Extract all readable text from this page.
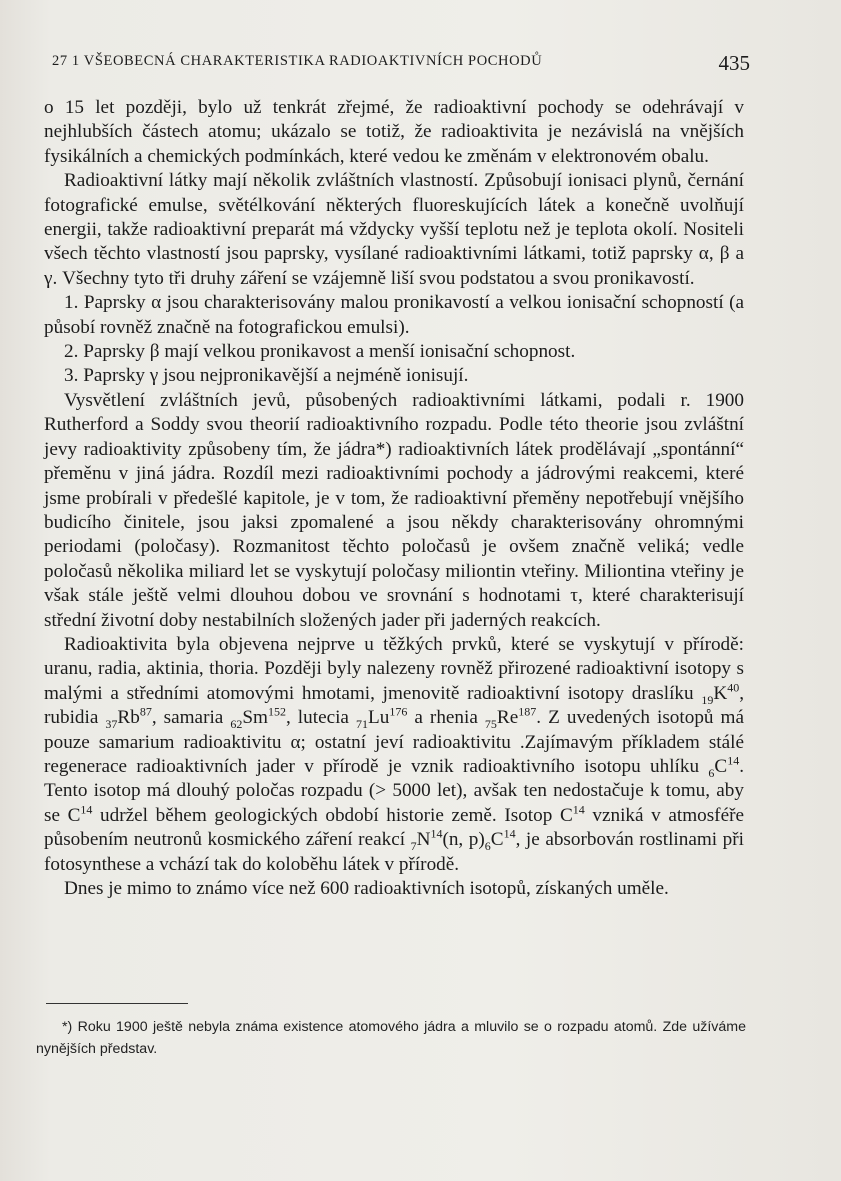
27 1 VŠEOBECNÁ CHARAKTERISTIKA RADIOAKTIVNÍCH POCHODŮ	435

o 15 let později, bylo už tenkrát zřejmé, že radioaktivní pochody se odehrávají v nejhlubších částech atomu; ukázalo se totiž, že radioaktivita je nezávislá na vnějších fysikálních a chemických podmínkách, které vedou ke změnám v elektronovém obalu.

Radioaktivní látky mají několik zvláštních vlastností. Způsobují ionisaci plynů, černání fotografické emulse, světélkování některých fluoreskujících látek a konečně uvolňují energii, takže radioaktivní preparát má vždycky vyšší teplotu než je teplota okolí. Nositeli všech těchto vlastností jsou paprsky, vysílané radioaktivními látkami, totiž paprsky α, β a γ. Všechny tyto tři druhy záření se vzájemně liší svou podstatou a svou pronikavostí.

1. Paprsky α jsou charakterisovány malou pronikavostí a velkou ionisační schopností (a působí rovněž značně na fotografickou emulsi).

2. Paprsky β mají velkou pronikavost a menší ionisační schopnost.

3. Paprsky γ jsou nejpronikavější a nejméně ionisují.

Vysvětlení zvláštních jevů, působených radioaktivními látkami, podali r. 1900 Rutherford a Soddy svou theorií radioaktivního rozpadu. Podle této theorie jsou zvláštní jevy radioaktivity způsobeny tím, že jádra*) radioaktivních látek prodělávají „spontánní“ přeměnu v jiná jádra. Rozdíl mezi radioaktivními pochody a jádrovými reakcemi, které jsme probírali v předešlé kapitole, je v tom, že radioaktivní přeměny nepotřebují vnějšího budicího činitele, jsou jaksi zpomalené a jsou někdy charakterisovány ohromnými periodami (poločasy). Rozmanitost těchto poločasů je ovšem značně veliká; vedle poločasů několika miliard let se vyskytují poločasy miliontin vteřiny. Miliontina vteřiny je však stále ještě velmi dlouhou dobou ve srovnání s hodnotami τ, které charakterisují střední životní doby nestabilních složených jader při jaderných reakcích.

Radioaktivita byla objevena nejprve u těžkých prvků, které se vyskytují v přírodě: uranu, radia, aktinia, thoria. Později byly nalezeny rovněž přirozené radioaktivní isotopy s malými a středními atomovými hmotami, jmenovitě radioaktivní isotopy draslíku $_{19}K^{40}$, rubidia $_{37}Rb^{87}$, samaria $_{62}Sm^{152}$, lutecia $_{71}Lu^{176}$ a rhenia $_{75}Re^{187}$. Z uvedených isotopů má pouze samarium radioaktivitu α; ostatní jeví radioaktivitu .Zajímavým příkladem stálé regenerace radioaktivních jader v přírodě je vznik radioaktivního isotopu uhlíku $_6C^{14}$. Tento isotop má dlouhý poločas rozpadu (> 5000 let), avšak ten nedostačuje k tomu, aby se $C^{14}$ udržel během geologických období historie země. Isotop $C^{14}$ vzniká v atmosféře působením neutronů kosmického záření reakcí $_7N^{14}(n$, $p)_6C^{14}$, je absorbován rostlinami při fotosynthese a vchází tak do koloběhu látek v přírodě.

Dnes je mimo to známo více než 600 radioaktivních isotopů, získaných uměle.

*) Roku 1900 ještě nebyla známa existence atomového jádra a mluvilo se o rozpadu atomů. Zde užíváme nynějších představ.
